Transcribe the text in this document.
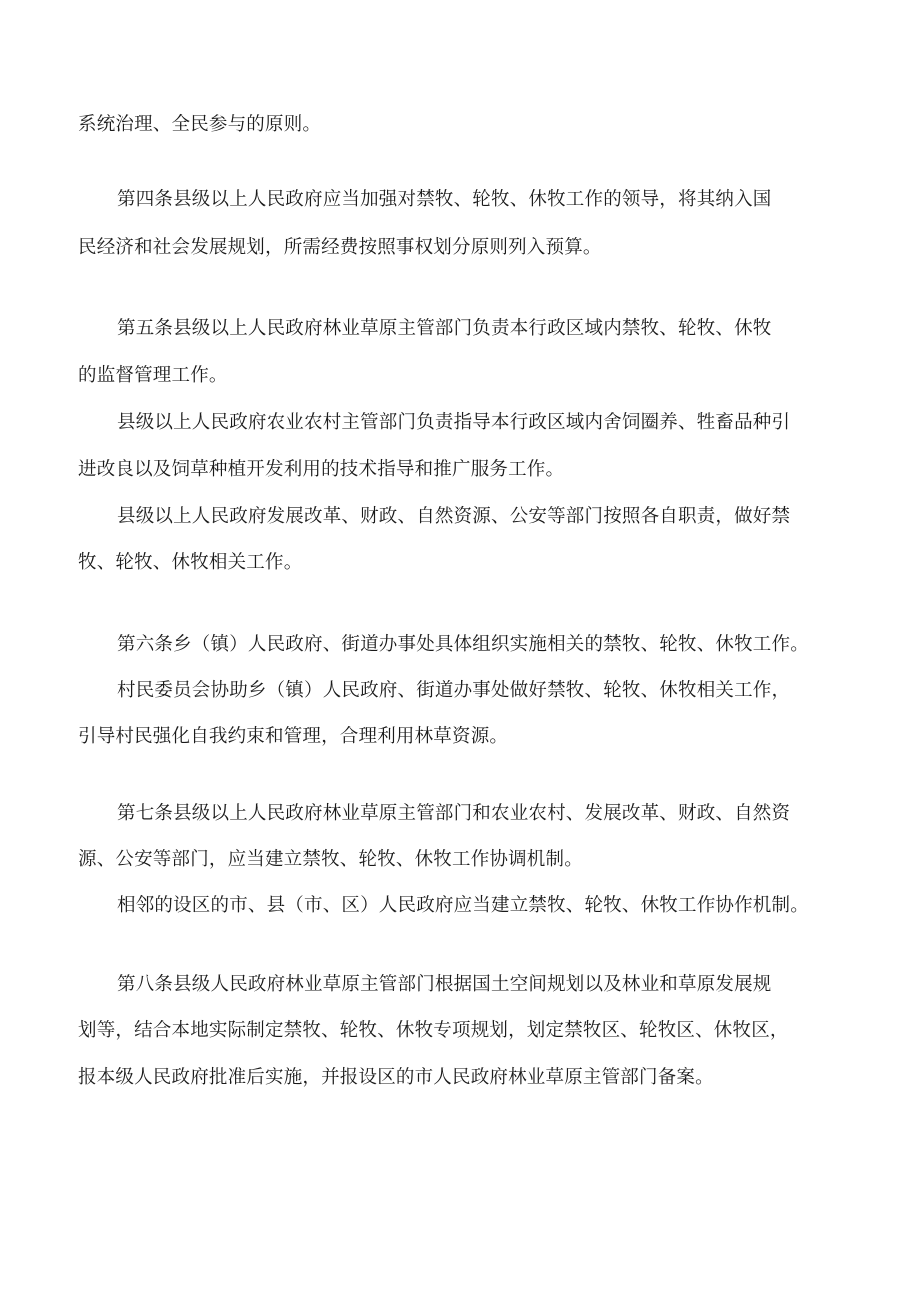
系统治理、全民参与的原则。
第四条县级以上人民政府应当加强对禁牧、轮牧、休牧工作的领导，将其纳入国
民经济和社会发展规划，所需经费按照事权划分原则列入预算。
第五条县级以上人民政府林业草原主管部门负责本行政区域内禁牧、轮牧、休牧
的监督管理工作。
县级以上人民政府农业农村主管部门负责指导本行政区域内舍饲圈养、牲畜品种引
进改良以及饲草种植开发利用的技术指导和推广服务工作。
县级以上人民政府发展改革、财政、自然资源、公安等部门按照各自职责，做好禁
牧、轮牧、休牧相关工作。
第六条乡（镇）人民政府、街道办事处具体组织实施相关的禁牧、轮牧、休牧工作。
村民委员会协助乡（镇）人民政府、街道办事处做好禁牧、轮牧、休牧相关工作，
引导村民强化自我约束和管理，合理利用林草资源。
第七条县级以上人民政府林业草原主管部门和农业农村、发展改革、财政、自然资
源、公安等部门，应当建立禁牧、轮牧、休牧工作协调机制。
相邻的设区的市、县（市、区）人民政府应当建立禁牧、轮牧、休牧工作协作机制。
第八条县级人民政府林业草原主管部门根据国土空间规划以及林业和草原发展规
划等，结合本地实际制定禁牧、轮牧、休牧专项规划，划定禁牧区、轮牧区、休牧区，
报本级人民政府批准后实施，并报设区的市人民政府林业草原主管部门备案。
